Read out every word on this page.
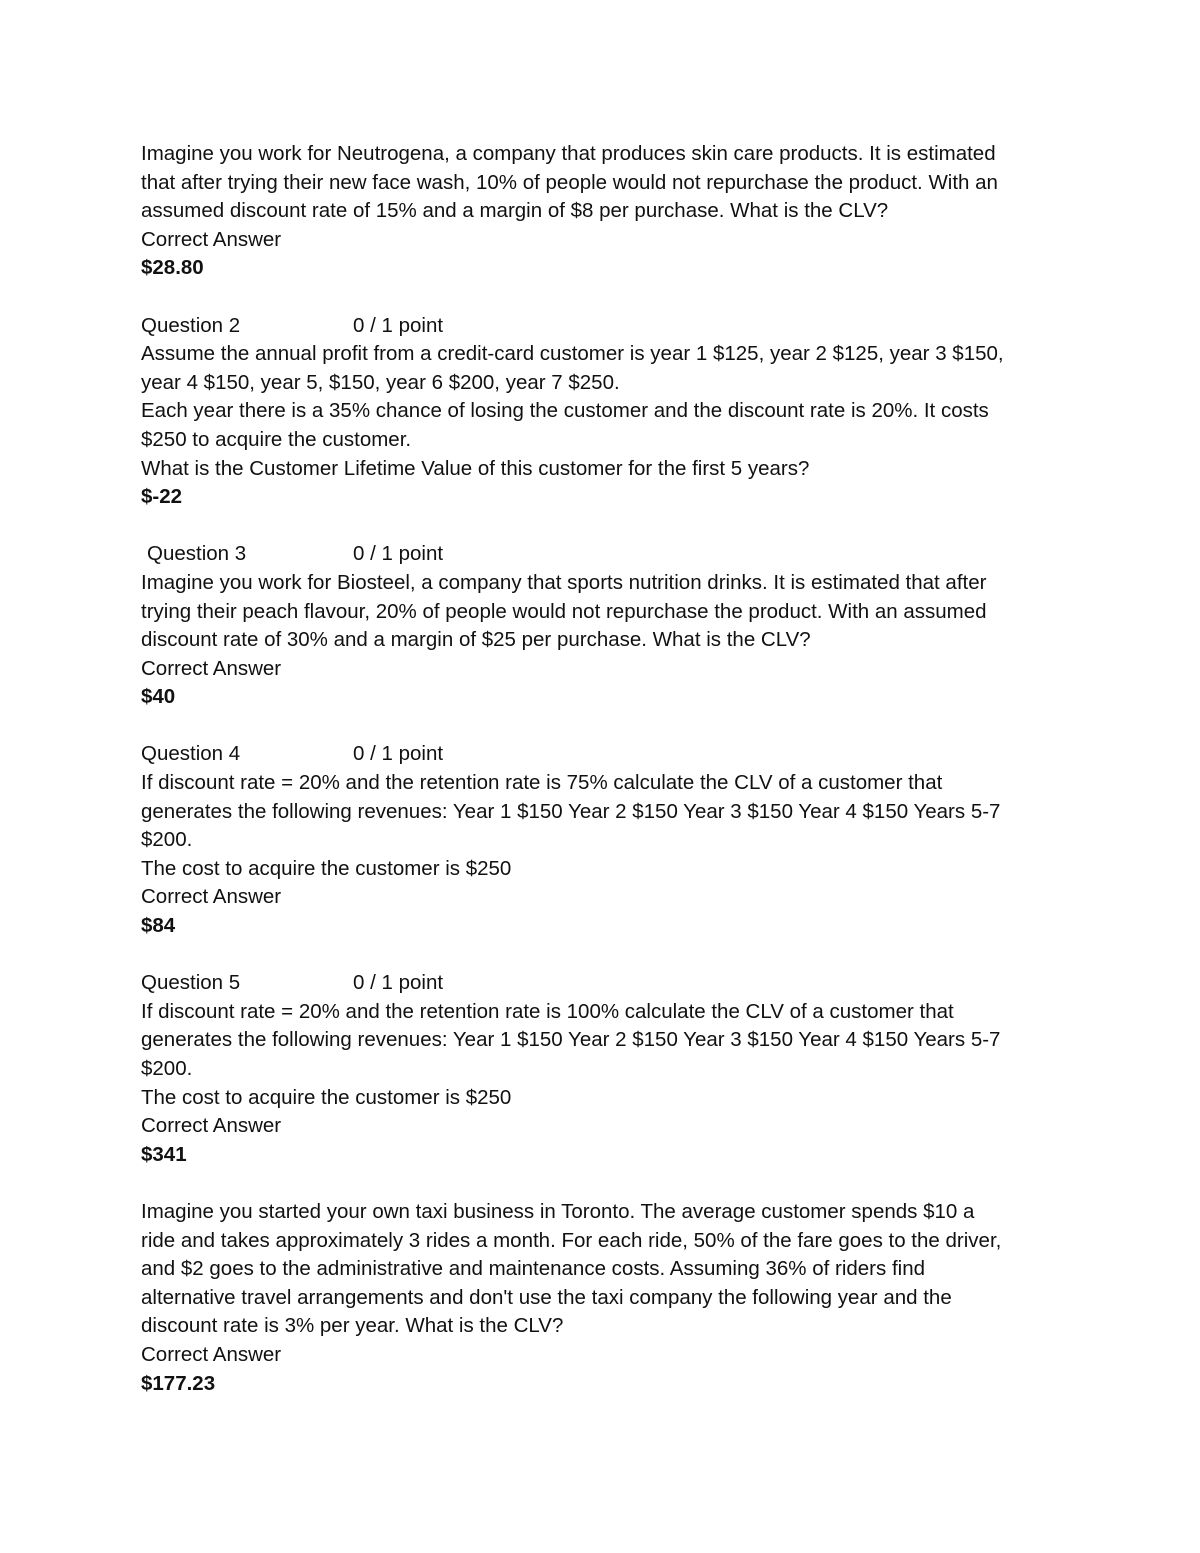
Imagine you work for Neutrogena, a company that produces skin care products. It is estimated
that after trying their new face wash, 10% of people would not repurchase the product. With an
assumed discount rate of 15% and a margin of $8 per purchase. What is the CLV?
Correct Answer
$28.80
Question 2	0 / 1 point
Assume the annual profit from a credit-card customer is year 1 $125, year 2 $125, year 3 $150,
year 4 $150, year 5, $150, year 6 $200, year 7 $250.
Each year there is a 35% chance of losing the customer and the discount rate is 20%. It costs
$250 to acquire the customer.
What is the Customer Lifetime Value of this customer for the first 5 years?
$-22
Question 3	0 / 1 point
Imagine you work for Biosteel, a company that sports nutrition drinks. It is estimated that after
trying their peach flavour, 20% of people would not repurchase the product. With an assumed
discount rate of 30% and a margin of $25 per purchase. What is the CLV?
Correct Answer
$40
Question 4	0 / 1 point
If discount rate = 20% and the retention rate is 75% calculate the CLV of a customer that
generates the following revenues: Year 1 $150 Year 2 $150 Year 3 $150 Year 4 $150 Years 5-7
$200.
The cost to acquire the customer is $250
Correct Answer
$84
Question 5	0 / 1 point
If discount rate = 20% and the retention rate is 100% calculate the CLV of a customer that
generates the following revenues: Year 1 $150 Year 2 $150 Year 3 $150 Year 4 $150 Years 5-7
$200.
The cost to acquire the customer is $250
Correct Answer
$341
Imagine you started your own taxi business in Toronto. The average customer spends $10 a
ride and takes approximately 3 rides a month. For each ride, 50% of the fare goes to the driver,
and $2 goes to the administrative and maintenance costs. Assuming 36% of riders find
alternative travel arrangements and don't use the taxi company the following year and the
discount rate is 3% per year. What is the CLV?
Correct Answer
$177.23
